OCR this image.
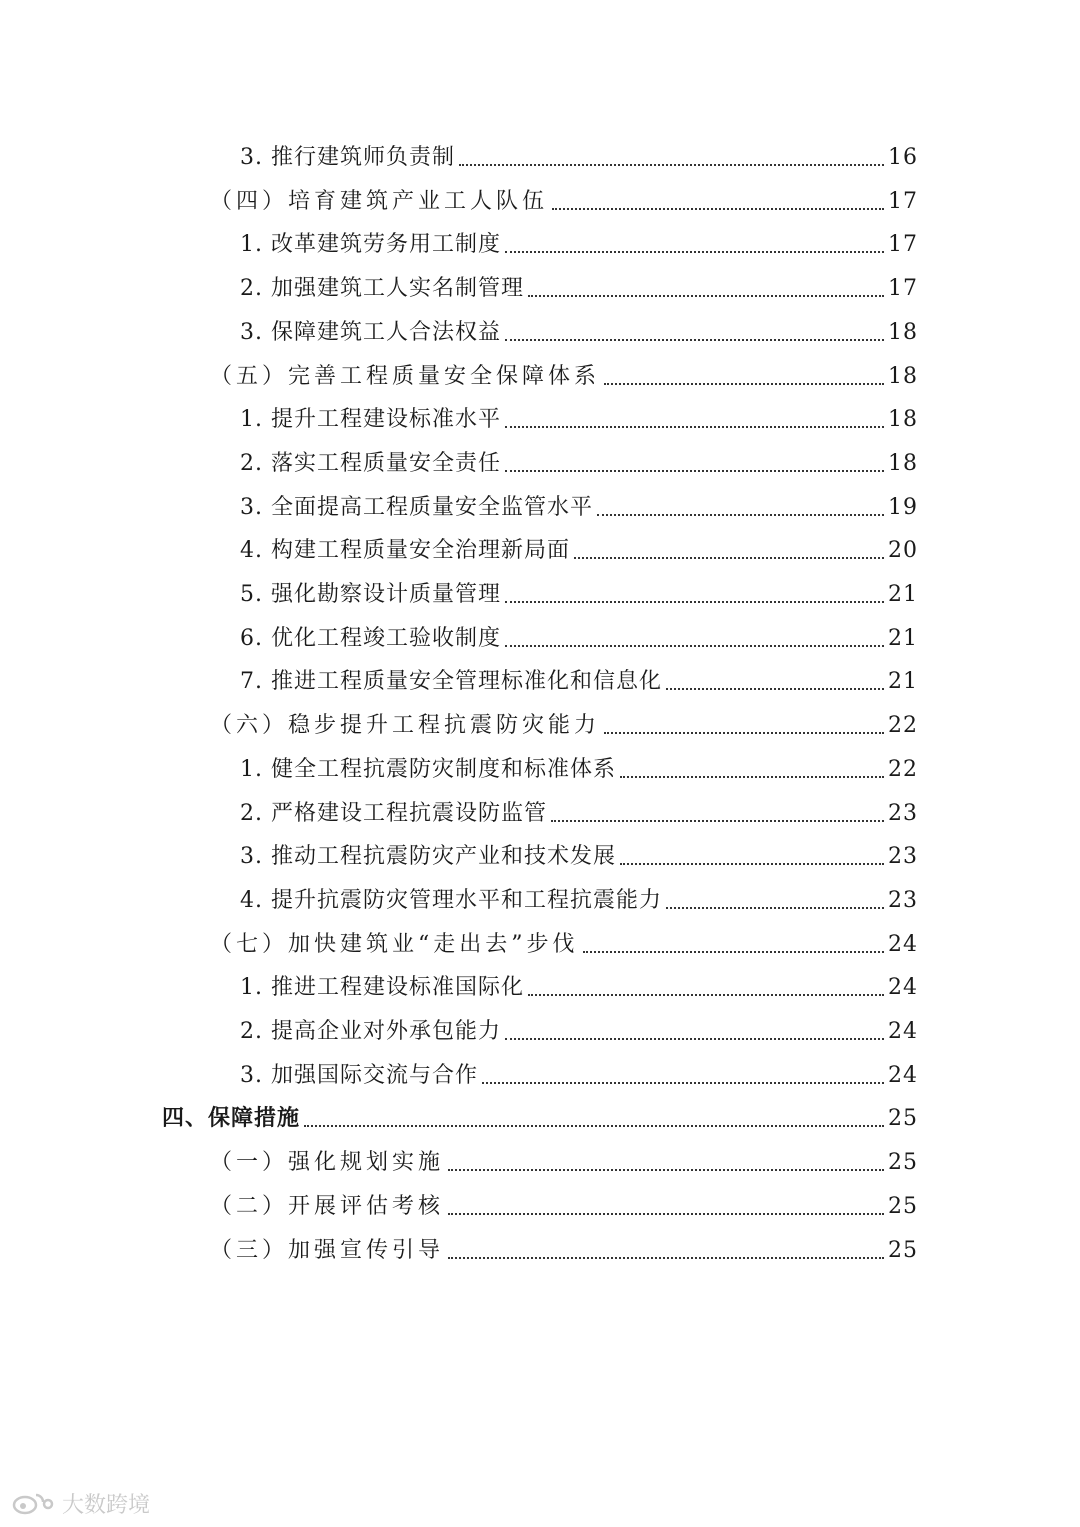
3. 推行建筑师负责制	16
（四）培育建筑产业工人队伍	17
1. 改革建筑劳务用工制度	17
2. 加强建筑工人实名制管理	17
3. 保障建筑工人合法权益	18
（五）完善工程质量安全保障体系	18
1. 提升工程建设标准水平	18
2. 落实工程质量安全责任	18
3. 全面提高工程质量安全监管水平	19
4. 构建工程质量安全治理新局面	20
5. 强化勘察设计质量管理	21
6. 优化工程竣工验收制度	21
7. 推进工程质量安全管理标准化和信息化	21
（六）稳步提升工程抗震防灾能力	22
1. 健全工程抗震防灾制度和标准体系	22
2. 严格建设工程抗震设防监管	23
3. 推动工程抗震防灾产业和技术发展	23
4. 提升抗震防灾管理水平和工程抗震能力	23
（七）加快建筑业“走出去”步伐	24
1. 推进工程建设标准国际化	24
2. 提高企业对外承包能力	24
3. 加强国际交流与合作	24
四、保障措施	25
（一）强化规划实施	25
（二）开展评估考核	25
（三）加强宣传引导	25
大数跨境
